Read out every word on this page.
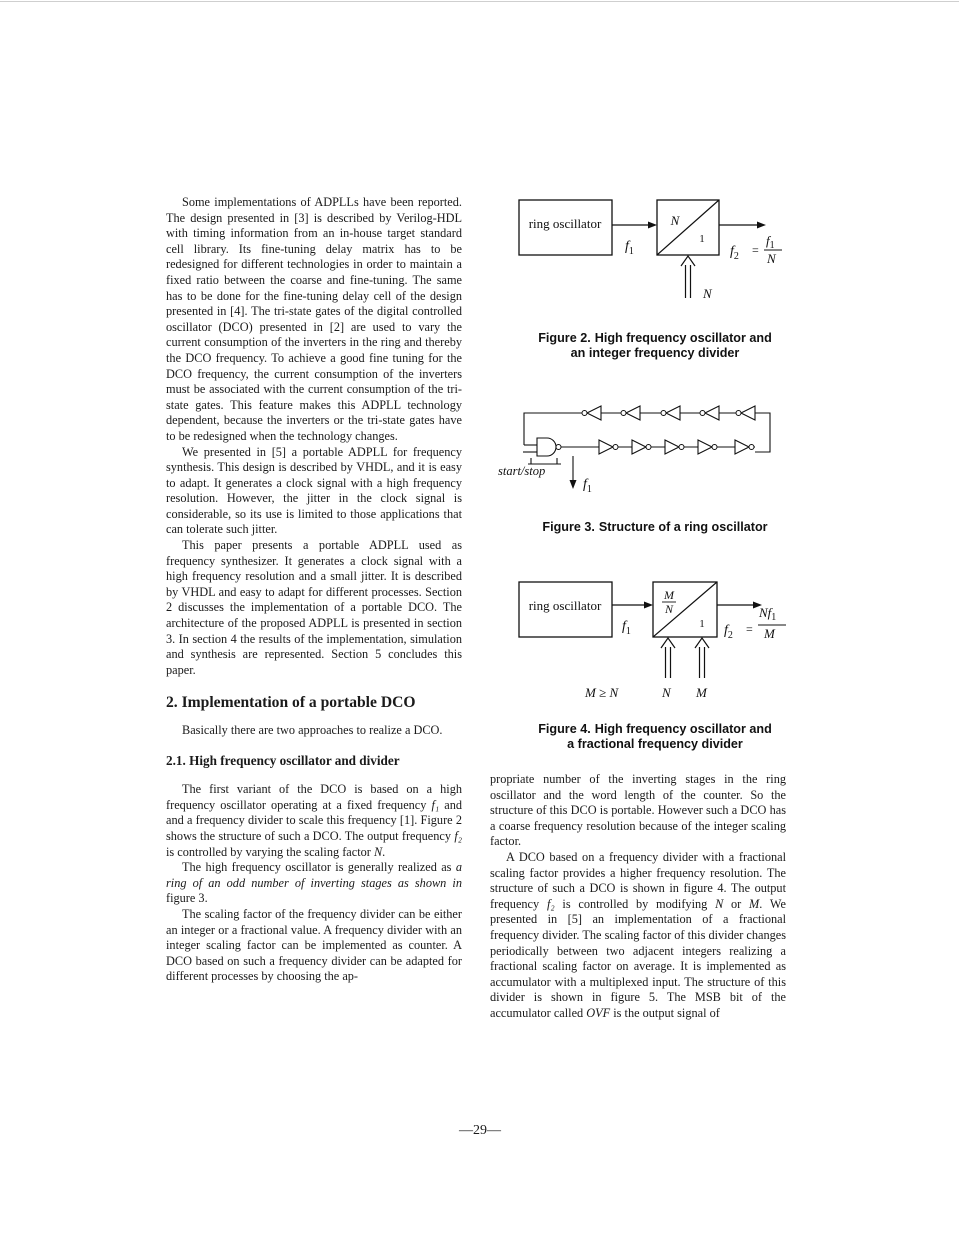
Some implementations of ADPLLs have been reported. The design presented in [3] is described by Verilog-HDL with timing information from an in-house target standard cell library. Its fine-tuning delay matrix has to be redesigned for different technologies in order to maintain a fixed ratio between the coarse and fine-tuning. The same has to be done for the fine-tuning delay cell of the design presented in [4]. The tri-state gates of the digital controlled oscillator (DCO) presented in [2] are used to vary the current consumption of the inverters in the ring and thereby the DCO frequency. To achieve a good fine tuning for the DCO frequency, the current consumption of the inverters must be associated with the current consumption of the tri-state gates. This feature makes this ADPLL technology dependent, because the inverters or the tri-state gates have to be redesigned when the technology changes.

We presented in [5] a portable ADPLL for frequency synthesis. This design is described by VHDL, and it is easy to adapt. It generates a clock signal with a high frequency resolution. However, the jitter in the clock signal is considerable, so its use is limited to those applications that can tolerate such jitter.

This paper presents a portable ADPLL used as frequency synthesizer. It generates a clock signal with a high frequency resolution and a small jitter. It is described by VHDL and easy to adapt for different processes. Section 2 discusses the implementation of a portable DCO. The architecture of the proposed ADPLL is presented in section 3. In section 4 the results of the implementation, simulation and synthesis are represented. Section 5 concludes this paper.

2. Implementation of a portable DCO

Basically there are two approaches to realize a DCO.

2.1. High frequency oscillator and divider

The first variant of the DCO is based on a high frequency oscillator operating at a fixed frequency f₁ and and a frequency divider to scale this frequency [1]. Figure 2 shows the structure of such a DCO. The output frequency f₂ is controlled by varying the scaling factor N.

The high frequency oscillator is generally realized as a ring of an odd number of inverting stages as shown in figure 3.

The scaling factor of the frequency divider can be either an integer or a fractional value. A frequency divider with an integer scaling factor can be implemented as counter. A DCO based on such a frequency divider can be adapted for different processes by choosing the ap-

ring oscillator
$f_1$
N
1
$f_2$ =
$f_1$
N
N
Figure 2. High frequency oscillator and
an integer frequency divider
start/stop
$f_1$
Figure 3. Structure of a ring oscillator
ring oscillator
$f_1$
M
N
1 $f_2$ =
$Nf_1$
M
M ≥ N	N M
Figure 4. High frequency oscillator and
a fractional frequency divider

propriate number of the inverting stages in the ring oscillator and the word length of the counter. So the structure of this DCO is portable. However such a DCO has a coarse frequency resolution because of the integer scaling factor.

A DCO based on a frequency divider with a fractional scaling factor provides a higher frequency resolution. The structure of such a DCO is shown in figure 4. The output frequency f₂ is controlled by modifying N or M. We presented in [5] an implementation of a fractional frequency divider. The scaling factor of this divider changes periodically between two adjacent integers realizing a fractional scaling factor on average. It is implemented as accumulator with a multiplexed input. The structure of this divider is shown in figure 5. The MSB bit of the accumulator called OVF is the output signal of

—29—
